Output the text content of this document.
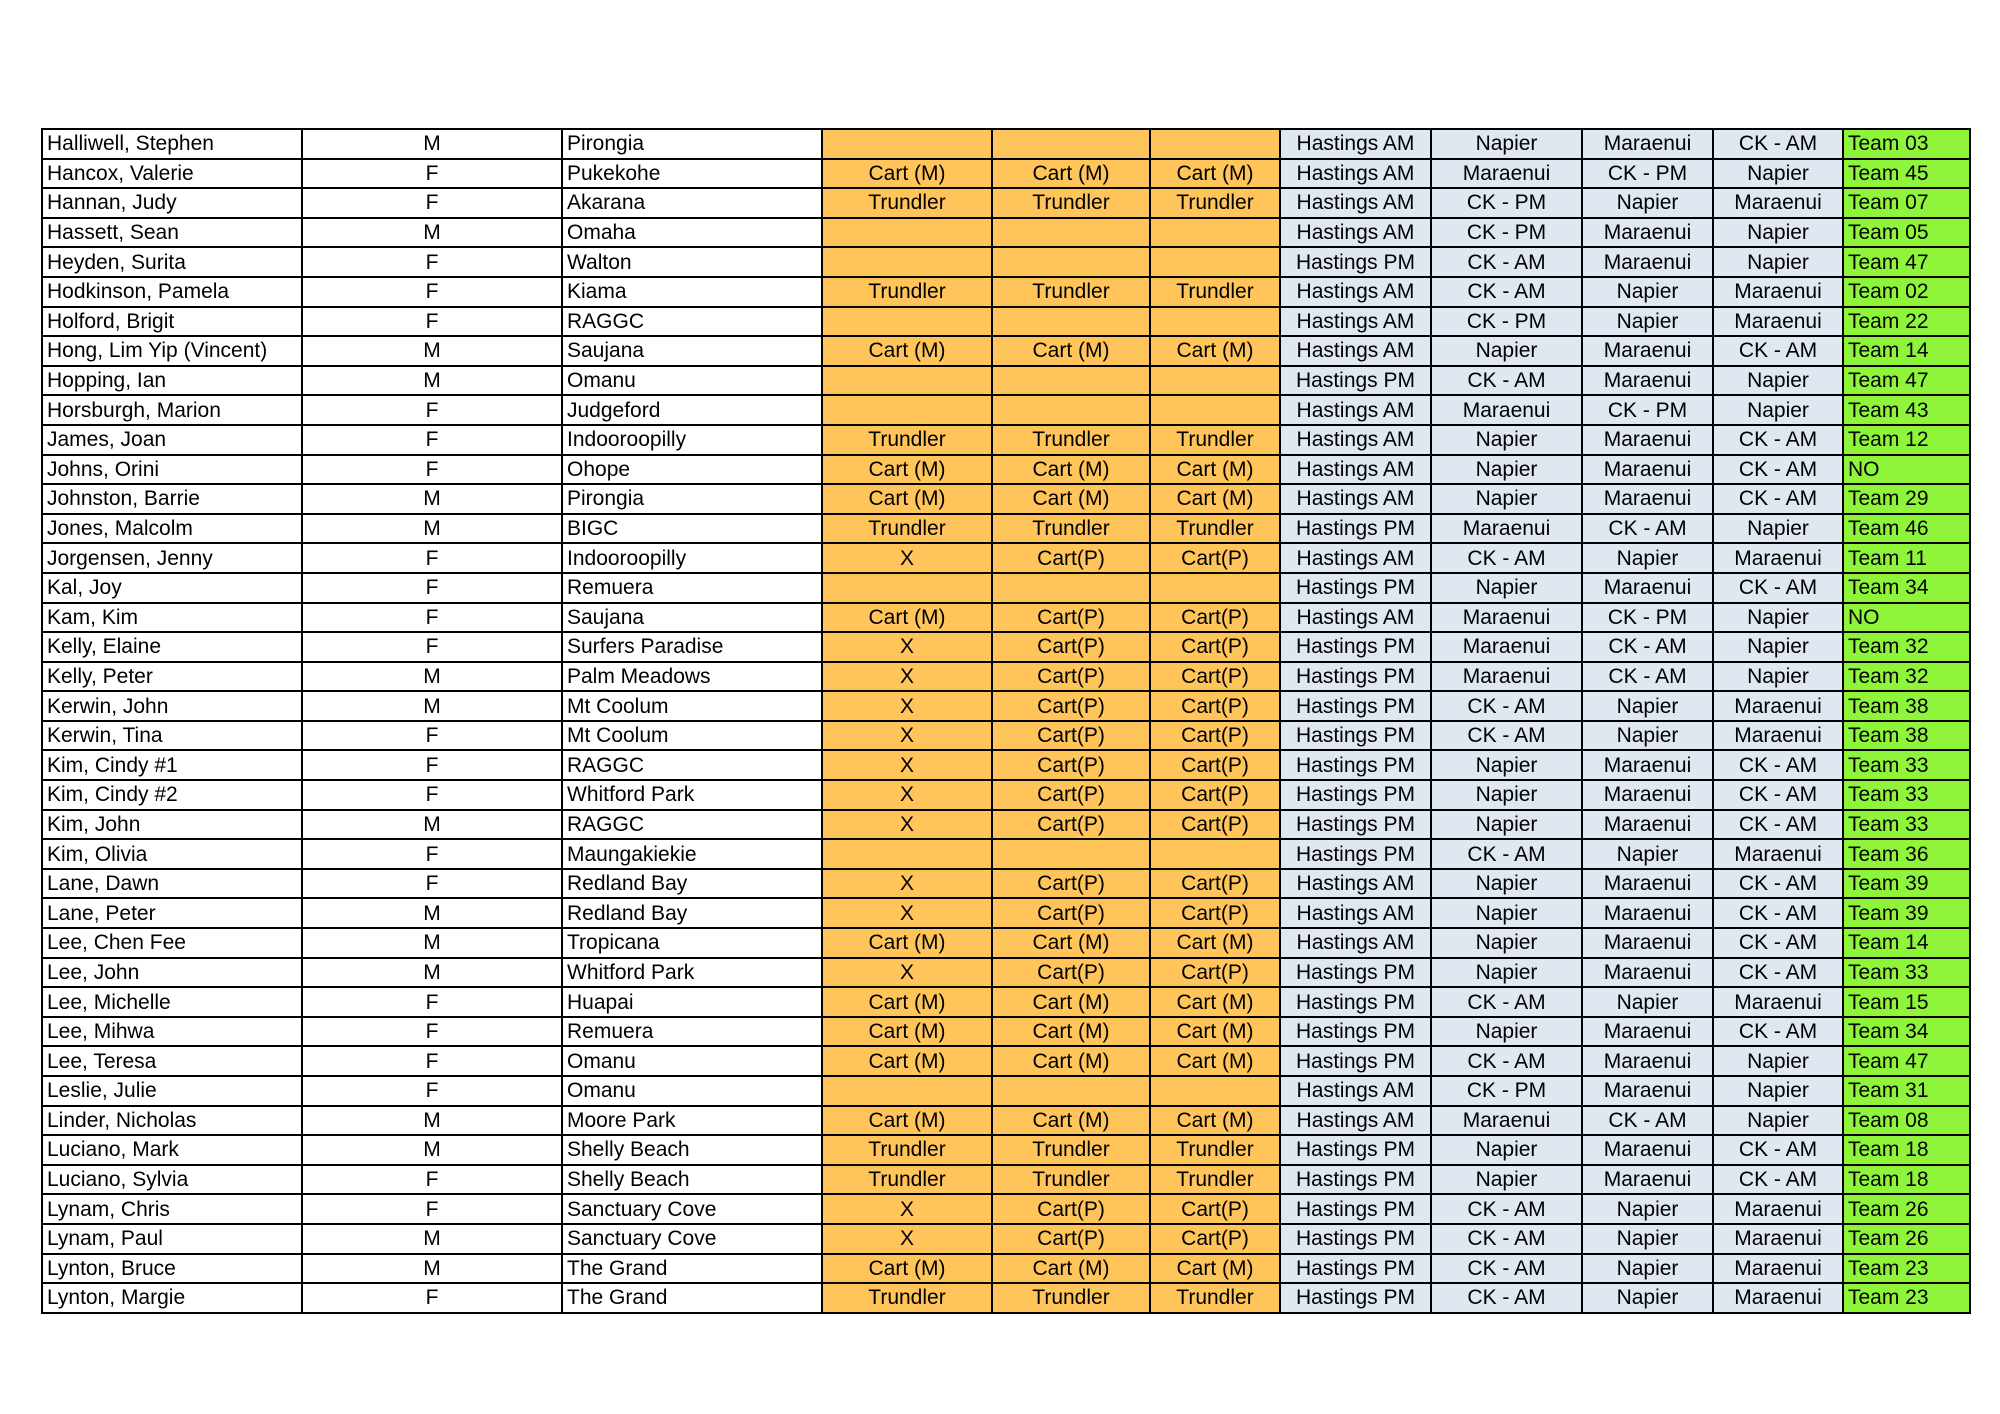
Halliwell, Stephen	M	Pirongia				Hastings AM	Napier	Maraenui	CK - AM	Team 03
Hancox, Valerie	F	Pukekohe	Cart (M)	Cart (M)	Cart (M)	Hastings AM	Maraenui	CK - PM	Napier	Team 45
Hannan, Judy	F	Akarana	Trundler	Trundler	Trundler	Hastings AM	CK - PM	Napier	Maraenui	Team 07
Hassett, Sean	M	Omaha				Hastings AM	CK - PM	Maraenui	Napier	Team 05
Heyden, Surita	F	Walton				Hastings PM	CK - AM	Maraenui	Napier	Team 47
Hodkinson, Pamela	F	Kiama	Trundler	Trundler	Trundler	Hastings AM	CK - AM	Napier	Maraenui	Team 02
Holford, Brigit	F	RAGGC				Hastings AM	CK - PM	Napier	Maraenui	Team 22
Hong, Lim Yip (Vincent)	M	Saujana	Cart (M)	Cart (M)	Cart (M)	Hastings AM	Napier	Maraenui	CK - AM	Team 14
Hopping, Ian	M	Omanu				Hastings PM	CK - AM	Maraenui	Napier	Team 47
Horsburgh, Marion	F	Judgeford				Hastings AM	Maraenui	CK - PM	Napier	Team 43
James, Joan	F	Indooroopilly	Trundler	Trundler	Trundler	Hastings AM	Napier	Maraenui	CK - AM	Team 12
Johns, Orini	F	Ohope	Cart (M)	Cart (M)	Cart (M)	Hastings AM	Napier	Maraenui	CK - AM	NO
Johnston, Barrie	M	Pirongia	Cart (M)	Cart (M)	Cart (M)	Hastings AM	Napier	Maraenui	CK - AM	Team 29
Jones, Malcolm	M	BIGC	Trundler	Trundler	Trundler	Hastings PM	Maraenui	CK - AM	Napier	Team 46
Jorgensen, Jenny	F	Indooroopilly	X	Cart(P)	Cart(P)	Hastings AM	CK - AM	Napier	Maraenui	Team 11
Kal, Joy	F	Remuera				Hastings PM	Napier	Maraenui	CK - AM	Team 34
Kam, Kim	F	Saujana	Cart (M)	Cart(P)	Cart(P)	Hastings AM	Maraenui	CK - PM	Napier	NO
Kelly, Elaine	F	Surfers Paradise	X	Cart(P)	Cart(P)	Hastings PM	Maraenui	CK - AM	Napier	Team 32
Kelly, Peter	M	Palm Meadows	X	Cart(P)	Cart(P)	Hastings PM	Maraenui	CK - AM	Napier	Team 32
Kerwin, John	M	Mt Coolum	X	Cart(P)	Cart(P)	Hastings PM	CK - AM	Napier	Maraenui	Team 38
Kerwin, Tina	F	Mt Coolum	X	Cart(P)	Cart(P)	Hastings PM	CK - AM	Napier	Maraenui	Team 38
Kim, Cindy #1	F	RAGGC	X	Cart(P)	Cart(P)	Hastings PM	Napier	Maraenui	CK - AM	Team 33
Kim, Cindy #2	F	Whitford Park	X	Cart(P)	Cart(P)	Hastings PM	Napier	Maraenui	CK - AM	Team 33
Kim, John	M	RAGGC	X	Cart(P)	Cart(P)	Hastings PM	Napier	Maraenui	CK - AM	Team 33
Kim, Olivia	F	Maungakiekie				Hastings PM	CK - AM	Napier	Maraenui	Team 36
Lane, Dawn	F	Redland Bay	X	Cart(P)	Cart(P)	Hastings AM	Napier	Maraenui	CK - AM	Team 39
Lane, Peter	M	Redland Bay	X	Cart(P)	Cart(P)	Hastings AM	Napier	Maraenui	CK - AM	Team 39
Lee, Chen Fee	M	Tropicana	Cart (M)	Cart (M)	Cart (M)	Hastings AM	Napier	Maraenui	CK - AM	Team 14
Lee, John	M	Whitford Park	X	Cart(P)	Cart(P)	Hastings PM	Napier	Maraenui	CK - AM	Team 33
Lee, Michelle	F	Huapai	Cart (M)	Cart (M)	Cart (M)	Hastings PM	CK - AM	Napier	Maraenui	Team 15
Lee, Mihwa	F	Remuera	Cart (M)	Cart (M)	Cart (M)	Hastings PM	Napier	Maraenui	CK - AM	Team 34
Lee, Teresa	F	Omanu	Cart (M)	Cart (M)	Cart (M)	Hastings PM	CK - AM	Maraenui	Napier	Team 47
Leslie, Julie	F	Omanu				Hastings AM	CK - PM	Maraenui	Napier	Team 31
Linder, Nicholas	M	Moore Park	Cart (M)	Cart (M)	Cart (M)	Hastings AM	Maraenui	CK - AM	Napier	Team 08
Luciano, Mark	M	Shelly Beach	Trundler	Trundler	Trundler	Hastings PM	Napier	Maraenui	CK - AM	Team 18
Luciano, Sylvia	F	Shelly Beach	Trundler	Trundler	Trundler	Hastings PM	Napier	Maraenui	CK - AM	Team 18
Lynam, Chris	F	Sanctuary Cove	X	Cart(P)	Cart(P)	Hastings PM	CK - AM	Napier	Maraenui	Team 26
Lynam, Paul	M	Sanctuary Cove	X	Cart(P)	Cart(P)	Hastings PM	CK - AM	Napier	Maraenui	Team 26
Lynton, Bruce	M	The Grand	Cart (M)	Cart (M)	Cart (M)	Hastings PM	CK - AM	Napier	Maraenui	Team 23
Lynton, Margie	F	The Grand	Trundler	Trundler	Trundler	Hastings PM	CK - AM	Napier	Maraenui	Team 23
